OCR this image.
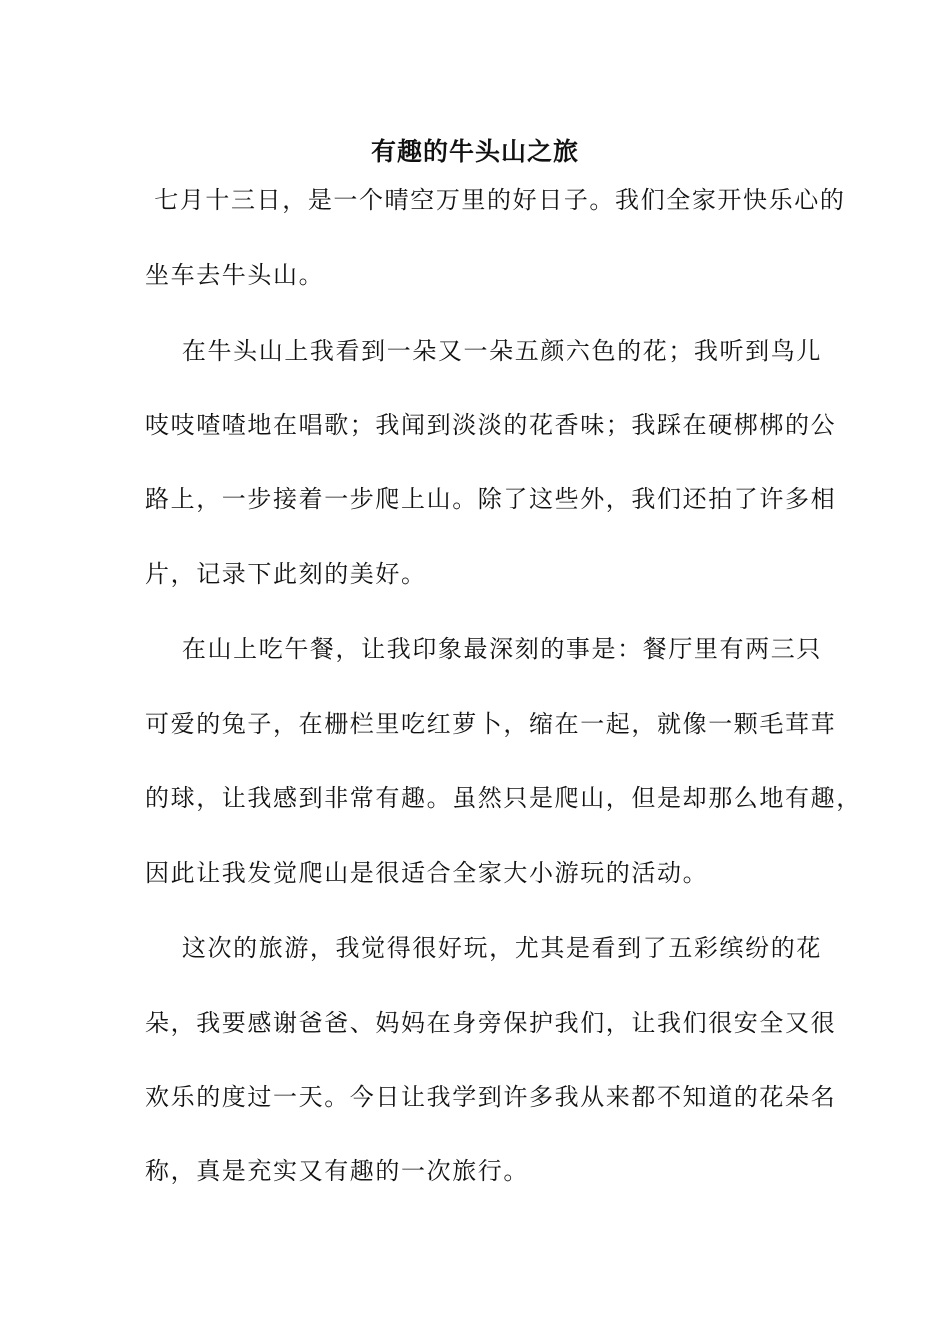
有趣的牛头山之旅
七月十三日，是一个晴空万里的好日子。我们全家开快乐心的
坐车去牛头山。
在牛头山上我看到一朵又一朵五颜六色的花；我听到鸟儿
吱吱喳喳地在唱歌；我闻到淡淡的花香味；我踩在硬梆梆的公
路上，一步接着一步爬上山。除了这些外，我们还拍了许多相
片，记录下此刻的美好。
在山上吃午餐，让我印象最深刻的事是：餐厅里有两三只
可爱的兔子，在栅栏里吃红萝卜，缩在一起，就像一颗毛茸茸
的球，让我感到非常有趣。虽然只是爬山，但是却那么地有趣，
因此让我发觉爬山是很适合全家大小游玩的活动。
这次的旅游，我觉得很好玩，尤其是看到了五彩缤纷的花
朵，我要感谢爸爸、妈妈在身旁保护我们，让我们很安全又很
欢乐的度过一天。今日让我学到许多我从来都不知道的花朵名
称，真是充实又有趣的一次旅行。
